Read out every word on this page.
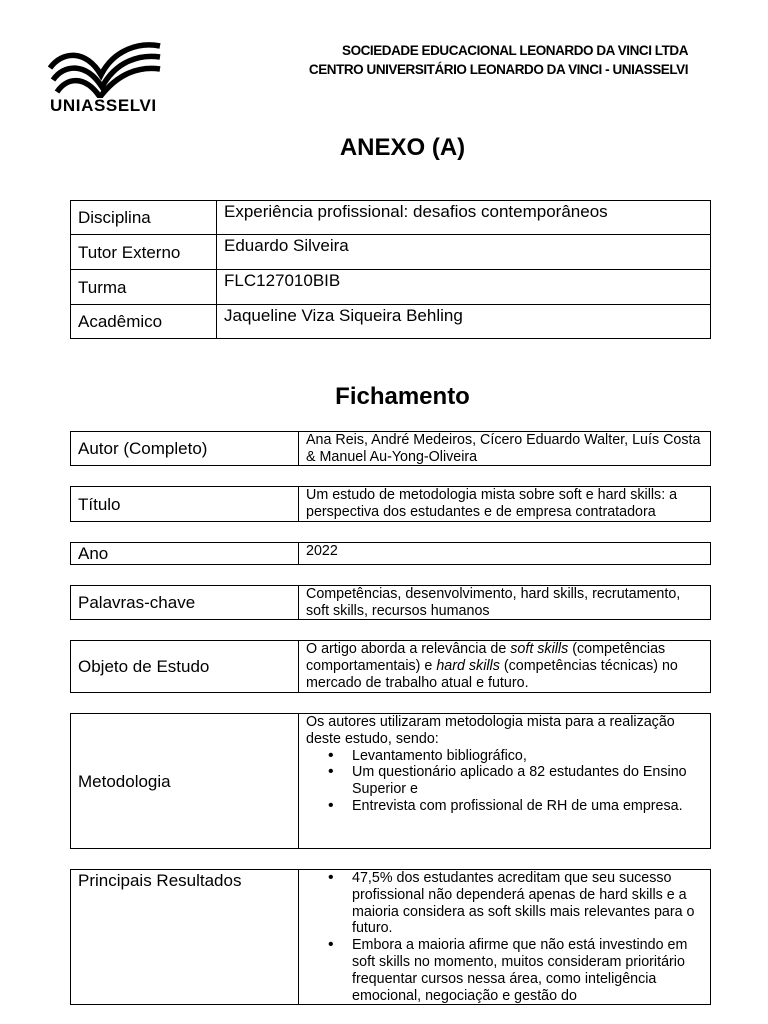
UNIASSELVI
SOCIEDADE EDUCACIONAL LEONARDO DA VINCI LTDA
CENTRO UNIVERSITÁRIO LEONARDO DA VINCI - UNIASSELVI
ANEXO (A)
Disciplina	Experiência profissional: desafios contemporâneos
Tutor Externo	Eduardo Silveira
Turma	FLC127010BIB
Acadêmico	Jaqueline Viza Siqueira Behling
Fichamento
Autor (Completo)	Ana Reis, André Medeiros, Cícero Eduardo Walter, Luís Costa & Manuel Au-Yong-Oliveira
Título	Um estudo de metodologia mista sobre soft e hard skills: a perspectiva dos estudantes e de empresa contratadora
Ano	2022
Palavras-chave	Competências, desenvolvimento, hard skills, recrutamento, soft skills, recursos humanos
Objeto de Estudo
O artigo aborda a relevância de soft skills (competências comportamentais) e hard skills (competências técnicas) no mercado de trabalho atual e futuro.
Metodologia
Os autores utilizaram metodologia mista para a realização deste estudo, sendo:
• Levantamento bibliográfico,
• Um questionário aplicado a 82 estudantes do Ensino Superior e
• Entrevista com profissional de RH de uma empresa.
Principais Resultados
•	47,5% dos estudantes acreditam que seu sucesso profissional não dependerá apenas de hard skills e a maioria considera as soft skills mais relevantes para o futuro.
• Embora a maioria afirme que não está investindo em soft skills no momento, muitos consideram prioritário frequentar cursos nessa área, como inteligência emocional, negociação e gestão do
